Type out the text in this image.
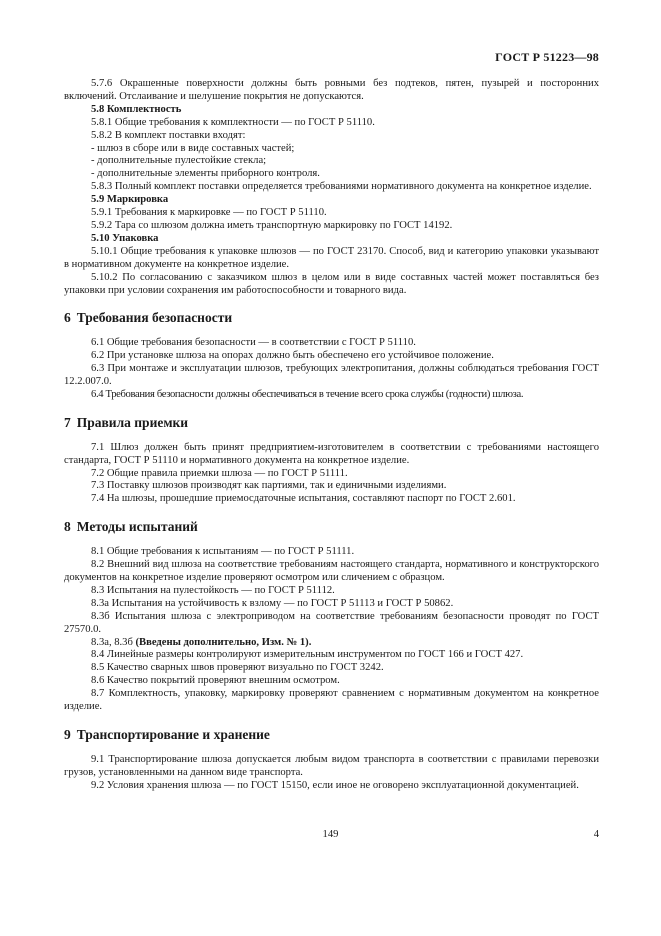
ГОСТ Р 51223—98

5.7.6 Окрашенные поверхности должны быть ровными без подтеков, пятен, пузырей и посторонних включений. Отслаивание и шелушение покрытия не допускаются.

5.8 Комплектность

5.8.1 Общие требования к комплектности — по ГОСТ Р 51110.

5.8.2 В комплект поставки входят:

- шлюз в сборе или в виде составных частей;

- дополнительные пулестойкие стекла;

- дополнительные элементы приборного контроля.

5.8.3 Полный комплект поставки определяется требованиями нормативного документа на конкретное изделие.

5.9 Маркировка

5.9.1 Требования к маркировке — по ГОСТ Р 51110.

5.9.2 Тара со шлюзом должна иметь транспортную маркировку по ГОСТ 14192.

5.10 Упаковка

5.10.1 Общие требования к упаковке шлюзов — по ГОСТ 23170. Способ, вид и категорию упаковки указывают в нормативном документе на конкретное изделие.

5.10.2 По согласованию с заказчиком шлюз в целом или в виде составных частей может поставляться без упаковки при условии сохранения им работоспособности и товарного вида.

6 Требования безопасности

6.1 Общие требования безопасности — в соответствии с ГОСТ Р 51110.

6.2 При установке шлюза на опорах должно быть обеспечено его устойчивое положение.

6.3 При монтаже и эксплуатации шлюзов, требующих электропитания, должны соблюдаться требования ГОСТ 12.2.007.0.

6.4 Требования безопасности должны обеспечиваться в течение всего срока службы (годности) шлюза.

7 Правила приемки

7.1 Шлюз должен быть принят предприятием-изготовителем в соответствии с требованиями настоящего стандарта, ГОСТ Р 51110 и нормативного документа на конкретное изделие.

7.2 Общие правила приемки шлюза — по ГОСТ Р 51111.

7.3 Поставку шлюзов производят как партиями, так и единичными изделиями.

7.4 На шлюзы, прошедшие приемосдаточные испытания, составляют паспорт по ГОСТ 2.601.

8 Методы испытаний

8.1 Общие требования к испытаниям — по ГОСТ Р 51111.

8.2 Внешний вид шлюза на соответствие требованиям настоящего стандарта, нормативного и конструкторского документов на конкретное изделие проверяют осмотром или сличением с образцом.

8.3 Испытания на пулестойкость — по ГОСТ Р 51112.

8.3а Испытания на устойчивость к взлому — по ГОСТ Р 51113 и ГОСТ Р 50862.

8.3б Испытания шлюза с электроприводом на соответствие требованиям безопасности проводят по ГОСТ 27570.0.

8.3а, 8.3б (Введены дополнительно, Изм. № 1).

8.4 Линейные размеры контролируют измерительным инструментом по ГОСТ 166 и ГОСТ 427.

8.5 Качество сварных швов проверяют визуально по ГОСТ 3242.

8.6 Качество покрытий проверяют внешним осмотром.

8.7 Комплектность, упаковку, маркировку проверяют сравнением с нормативным документом на конкретное изделие.

9 Транспортирование и хранение

9.1 Транспортирование шлюза допускается любым видом транспорта в соответствии с правилами перевозки грузов, установленными на данном виде транспорта.

9.2 Условия хранения шлюза — по ГОСТ 15150, если иное не оговорено эксплуатационной документацией.

149	4
